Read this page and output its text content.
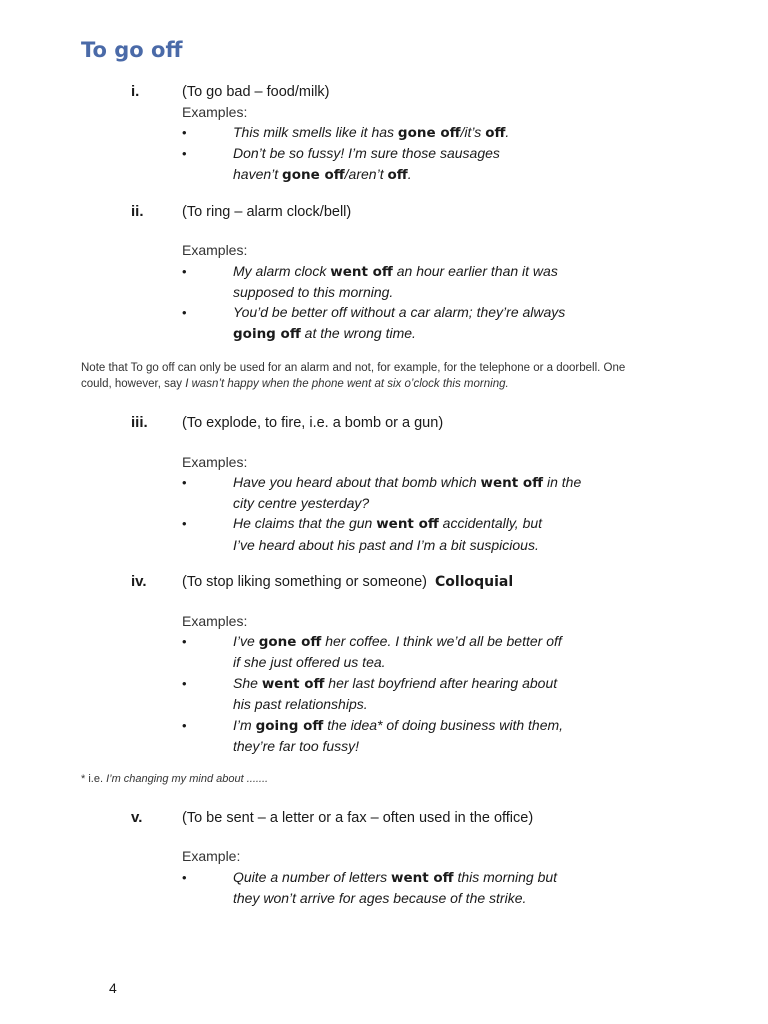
To go off
i.	(To go bad – food/milk)
Examples:
•	This milk smells like it has gone off/it’s off.
•	Don’t be so fussy! I’m sure those sausages
haven’t gone off/aren’t off.
ii.	(To ring – alarm clock/bell)
Examples:
•	My alarm clock went off an hour earlier than it was
supposed to this morning.
•	You’d be better off without a car alarm; they’re always
going off at the wrong time.
Note that To go off can only be used for an alarm and not, for example, for the telephone or a doorbell. One
could, however, say I wasn’t happy when the phone went at six o’clock this morning.
iii. (To explode, to fire, i.e. a bomb or a gun)
Examples:
•	Have you heard about that bomb which went off in the
city centre yesterday?
•	He claims that the gun went off accidentally, but
I’ve heard about his past and I’m a bit suspicious.
iv. (To stop liking something or someone) Colloquial
Examples:
•	I’ve gone off her coffee. I think we’d all be better off
if she just offered us tea.
•	She went off her last boyfriend after hearing about
his past relationships.
•	I’m going off the idea* of doing business with them,
they’re far too fussy!
* i.e. I’m changing my mind about .......
v.	(To be sent – a letter or a fax – often used in the office)
Example:
•	Quite a number of letters went off this morning but
they won’t arrive for ages because of the strike.
4
